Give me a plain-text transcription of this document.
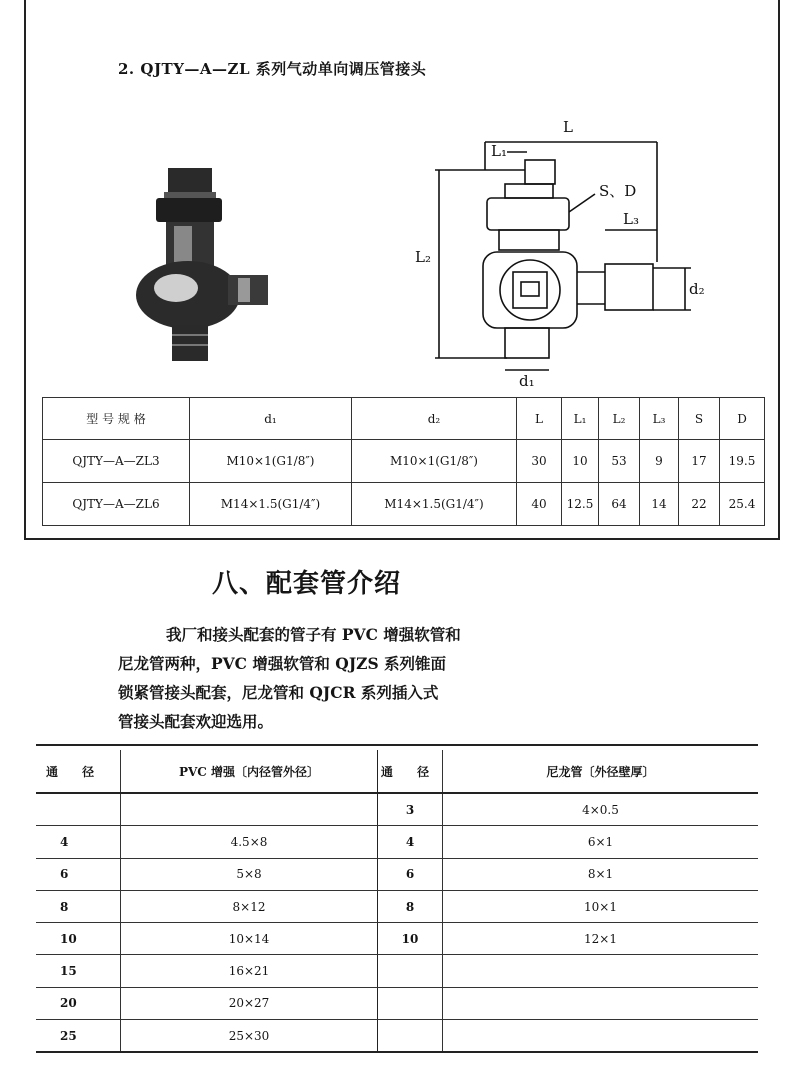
2. QJTY—A—ZL 系列气动单向调压管接头
L
L₁
L₂
L₃
S、D
d₁
d₂
型 号 规 格	d₁	d₂	L	L₁	L₂	L₃	S	D
QJTY—A—ZL3	M10×1(G1/8″)	M10×1(G1/8″)	30	10	53	9	17	19.5
QJTY—A—ZL6	M14×1.5(G1/4″)	M14×1.5(G1/4″)	40	12.5	64	14	22	25.4
八、配套管介绍

我厂和接头配套的管子有 PVC 增强软管和

尼龙管两种，PVC 增强软管和 QJZS 系列锥面

锁紧管接头配套，尼龙管和 QJCR 系列插入式

管接头配套欢迎选用。

通 径	PVC 增强〔内径管外径〕	通 径	尼龙管〔外径壁厚〕
		3	4×0.5
4	4.5×8	4	6×1
6	5×8	6	8×1
8	8×12	8	10×1
10	10×14	10	12×1
15	16×21		
20	20×27		
25	25×30		
